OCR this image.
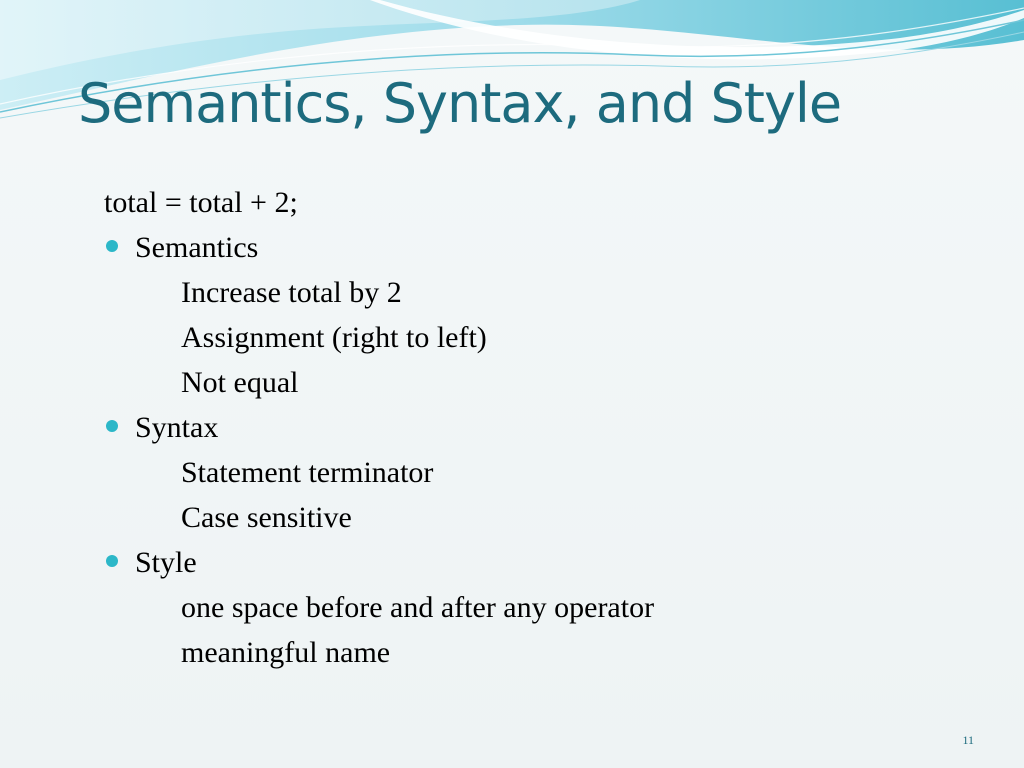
Semantics, Syntax, and Style
total = total + 2;
Semantics
Increase total by 2
Assignment (right to left)
Not equal
Syntax
Statement terminator
Case sensitive
Style
one space before and after any operator
meaningful name
11
